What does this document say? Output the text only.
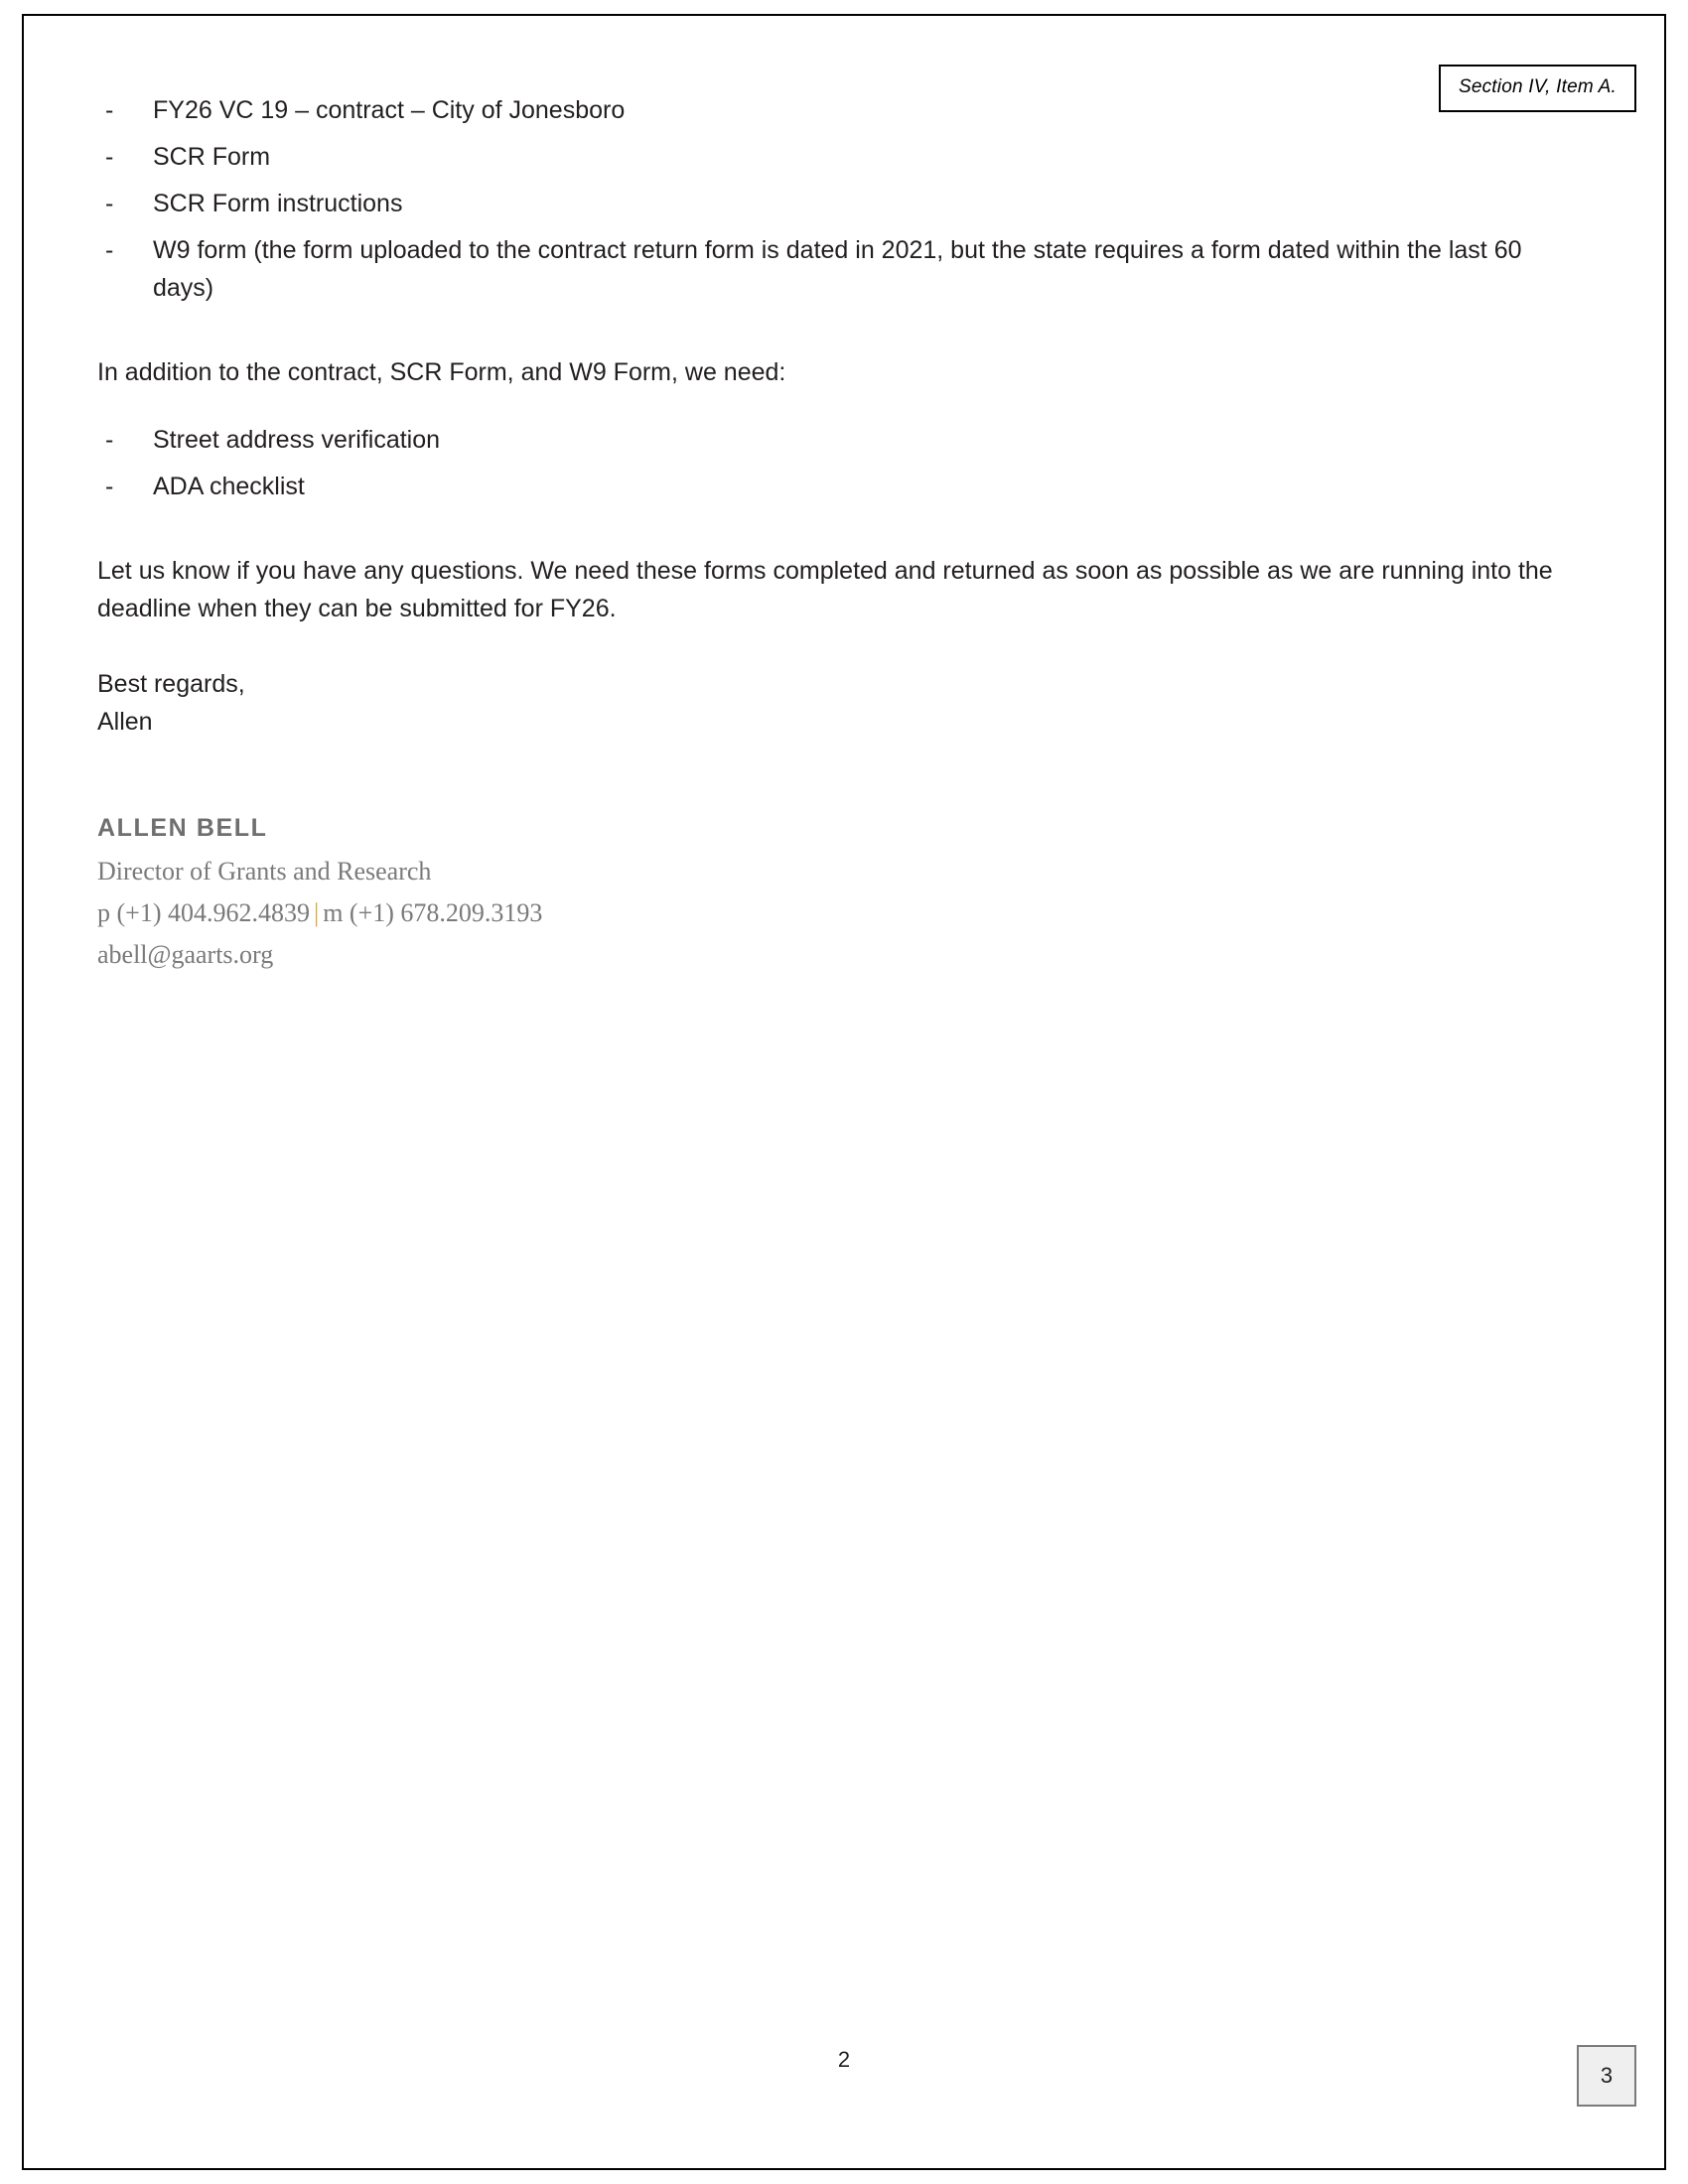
Section IV, Item A.
- FY26 VC 19 – contract – City of Jonesboro
- SCR Form
- SCR Form instructions
- W9 form (the form uploaded to the contract return form is dated in 2021, but the state requires a form dated within the last 60 days)

In addition to the contract, SCR Form, and W9 Form, we need:

- Street address verification
- ADA checklist

Let us know if you have any questions. We need these forms completed and returned as soon as possible as we are running into the deadline when they can be submitted for FY26.

Best regards,

Allen

ALLEN BELL

Director of Grants and Research

p (+1) 404.962.4839 | m (+1) 678.209.3193

abell@gaarts.org

2
3
